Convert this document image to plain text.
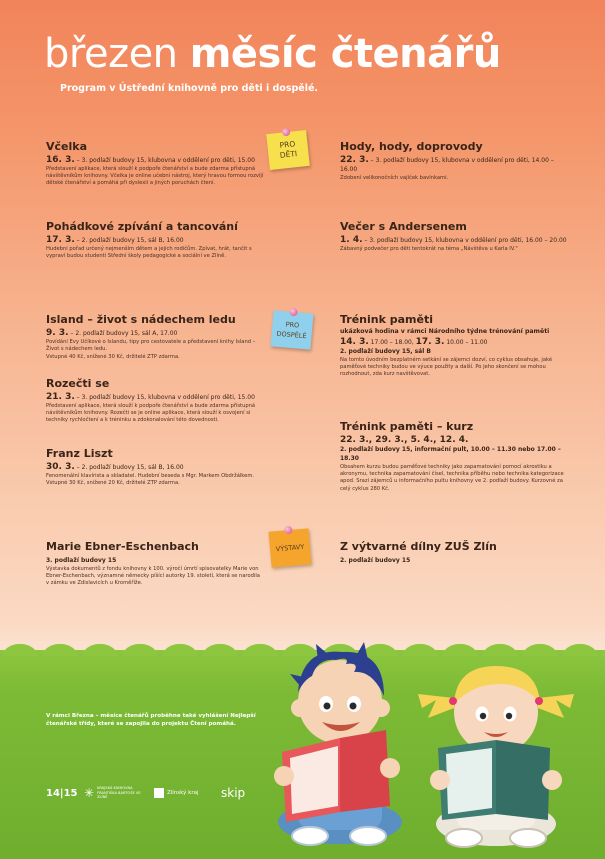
březen měsíc čtenářů
Program v Ústřední knihovně pro děti i dospělé.
PRO DĚTI
PRO DOSPĚLÉ
VÝSTAVY
Včelka
16. 3. – 3. podlaží budovy 15, klubovna v oddělení pro děti, 15.00

Představení aplikace, která slouží k podpoře čtenářství a bude zdarma přístupná návštěvníkům knihovny. Včelka je online učební nástroj, který hravou formou rozvíjí dětské čtenářství a pomáhá při dyslexii a jiných poruchách čtení.

Pohádkové zpívání a tancování
17. 3. – 2. podlaží budovy 15, sál B, 16.00

Hudební pořad určený nejmenším dětem a jejich rodičům. Zpívat, hrát, tančit s vypraví budou studenti Střední školy pedagogické a sociální ve Zlíně.

Hody, hody, doprovody
22. 3. – 3. podlaží budovy 15, klubovna v oddělení pro děti, 14.00 – 16.00

Zdobení velikonočních vajíček bavlnkami.

Večer s Andersenem
1. 4. – 3. podlaží budovy 15, klubovna v oddělení pro děti, 16.00 – 20.00

Zábavný podvečer pro děti tentokrát na téma „Návštěva u Karla IV."

Island – život s nádechem ledu
9. 3. – 2. podlaží budovy 15, sál A, 17.00

Povídání Evy Učíkové o Islandu, tipy pro cestovatele a představení knihy Island – Život s nádechem ledu.

Vstupné 40 Kč, snížené 30 Kč, držitelé ZTP zdarma.

Rozečti se
21. 3. – 3. podlaží budovy 15, klubovna v oddělení pro děti, 15.00

Představení aplikace, která slouží k podpoře čtenářství a bude zdarma přístupná návštěvníkům knihovny. Rozečti se je online aplikace, která slouží k osvojení si techniky rychločtení a k tréninku a zdokonalování této dovednosti.

Franz Liszt
30. 3. – 2. podlaží budovy 15, sál B, 16.00

Fenomenální klavírista a skladatel. Hudební beseda s Mgr. Markem Obdržálkem. Vstupné 30 Kč, snížené 20 Kč, držitelé ZTP zdarma.

Trénink paměti
ukázková hodina v rámci Národního týdne trénování paměti
14. 3. 17.00 – 18.00, 17. 3. 10.00 – 11.00
2. podlaží budovy 15, sál B

Na tomto úvodním bezplatném setkání se zájemci dozví, co cyklus obsahuje, jaké paměťové techniky budou ve výuce použity a další. Po jeho skončení se mohou rozhodnout, zda kurz navštěvovat.

Trénink paměti – kurz
22. 3., 29. 3., 5. 4., 12. 4.
2. podlaží budovy 15, informační pult, 10.00 – 11.30 nebo 17.00 – 18.30

Obsahem kurzu budou paměťové techniky jako zapamatování pomocí akrostiku a akronymu, technika zapamatování čísel, technika příběhu nebo technika kategorizace apod. Srazí zájemců u informačního pultu knihovny ve 2. podlaží budovy. Kurzovné za celý cyklus 280 Kč.

Marie Ebner-Eschenbach
3. podlaží budovy 15

Výstavka dokumentů z fondu knihovny k 100. výročí úmrtí spisovatelky Marie von Ebner-Eschenbach, významné německy píšící autorky 19. století, která se narodila v zámku ve Zdislavicích u Kroměříže.

Z výtvarné dílny ZUŠ Zlín
2. podlaží budovy 15
V rámci Března – měsíce čtenářů proběhne také vyhlášení Nejlepší čtenářské třídy, které se zapojila do projektu Čtení pomáhá.
14|15 ✳ KRAJSKÁ KNIHOVNA FRANTIŠKA BARTOŠE VE ZLÍNĚ
Zlínský kraj skip
